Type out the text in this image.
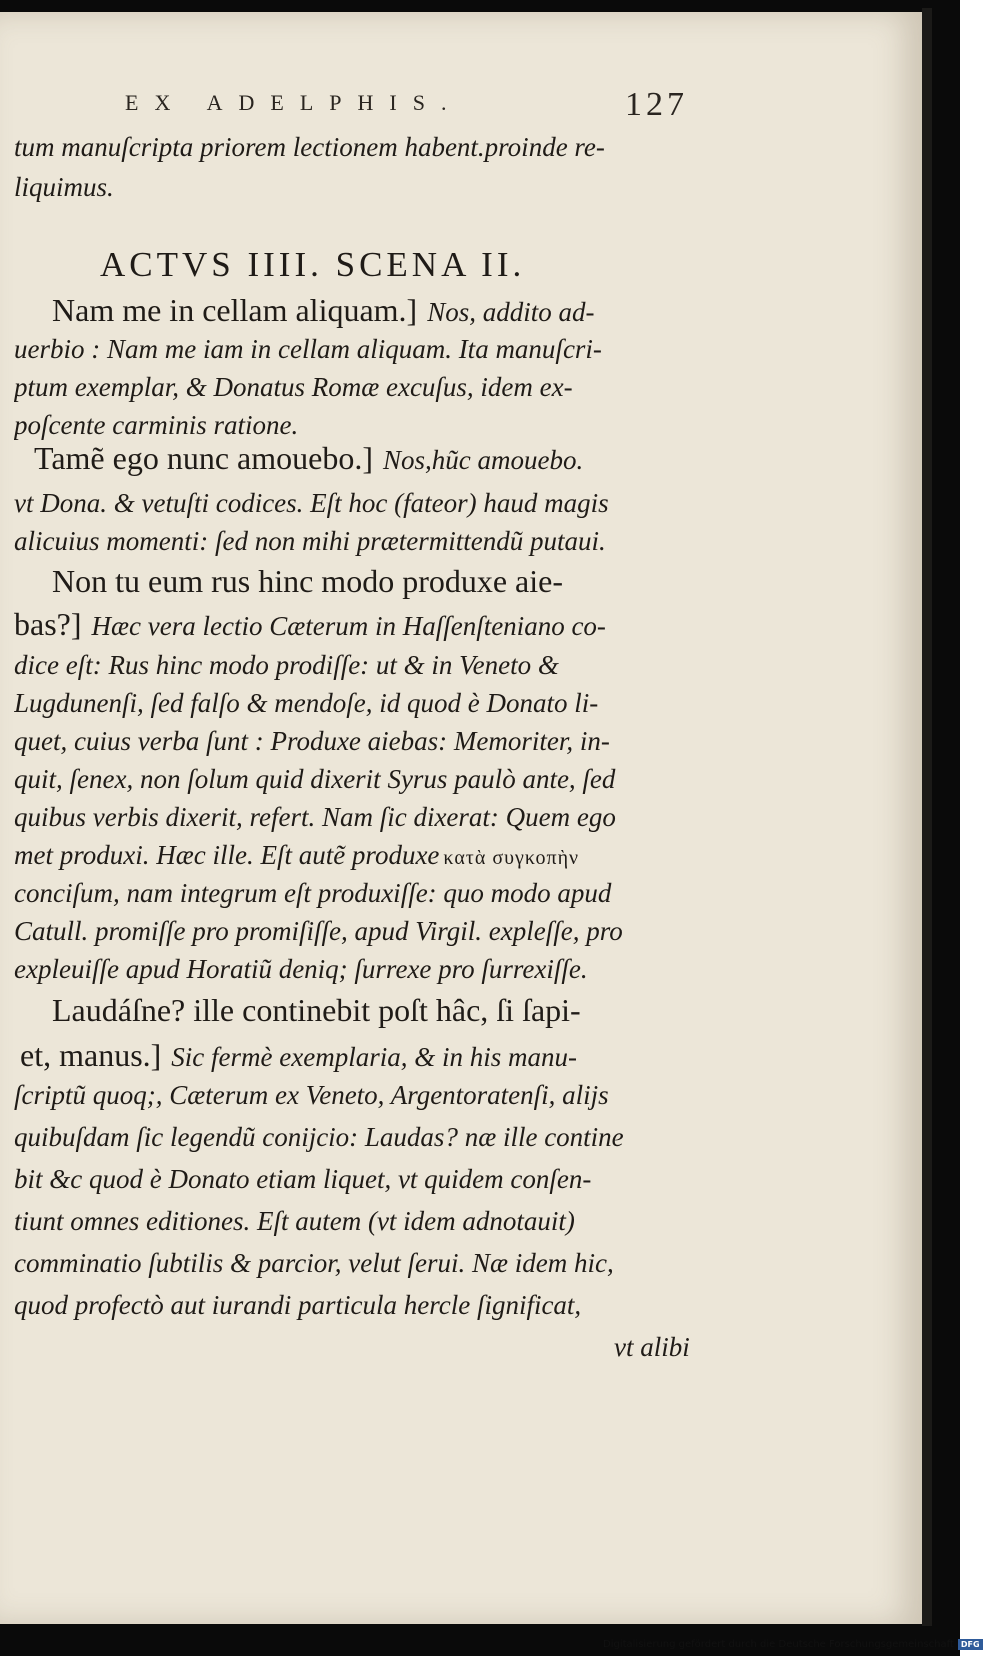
EX ADELPHIS.	127
tum manuſcripta priorem lectionem habent.proinde re-
liquimus.
ACTVS IIII. SCENA II.
Nam me in cellam aliquam.] Nos, addito ad-
uerbio : Nam me iam in cellam aliquam. Ita manuſcri-
ptum exemplar, & Donatus Romæ excuſus, idem ex-
poſcente carminis ratione.
Tamẽ ego nunc amouebo.] Nos,hũc amouebo.
vt Dona. & vetuſti codices. Eſt hoc (fateor) haud magis
alicuius momenti: ſed non mihi prætermittendũ putaui.
Non tu eum rus hinc modo produxe aie-
bas?] Hæc vera lectio Cæterum in Haſſenſteniano co-
dice eſt: Rus hinc modo prodiſſe: ut & in Veneto &
Lugdunenſi, ſed falſo & mendoſe, id quod è Donato li-
quet, cuius verba ſunt : Produxe aiebas: Memoriter, in-
quit, ſenex, non ſolum quid dixerit Syrus paulò ante, ſed
quibus verbis dixerit, refert. Nam ſic dixerat: Quem ego
met produxi. Hæc ille. Eſt autẽ produxe κατὰ συγκοπὴν
conciſum, nam integrum eſt produxiſſe: quo modo apud
Catull. promiſſe pro promiſiſſe, apud Virgil. expleſſe, pro
expleuiſſe apud Horatiũ deniq; ſurrexe pro ſurrexiſſe.
Laudáſne? ille continebit poſt hâc, ſi ſapi-
et, manus.] Sic fermè exemplaria, & in his manu-
ſcriptũ quoq;, Cæterum ex Veneto, Argentoratenſi, alijs
quibuſdam ſic legendũ conijcio: Laudas? næ ille contine
bit &c quod è Donato etiam liquet, vt quidem conſen-
tiunt omnes editiones. Eſt autem (vt idem adnotauit)
comminatio ſubtilis & parcior, velut ſerui. Næ idem hic,
quod profectò aut iurandi particula hercle ſignificat,
vt alibi
Digitalisierung gefördert durch die Deutsche Forschungsgemeinschaft DFG
